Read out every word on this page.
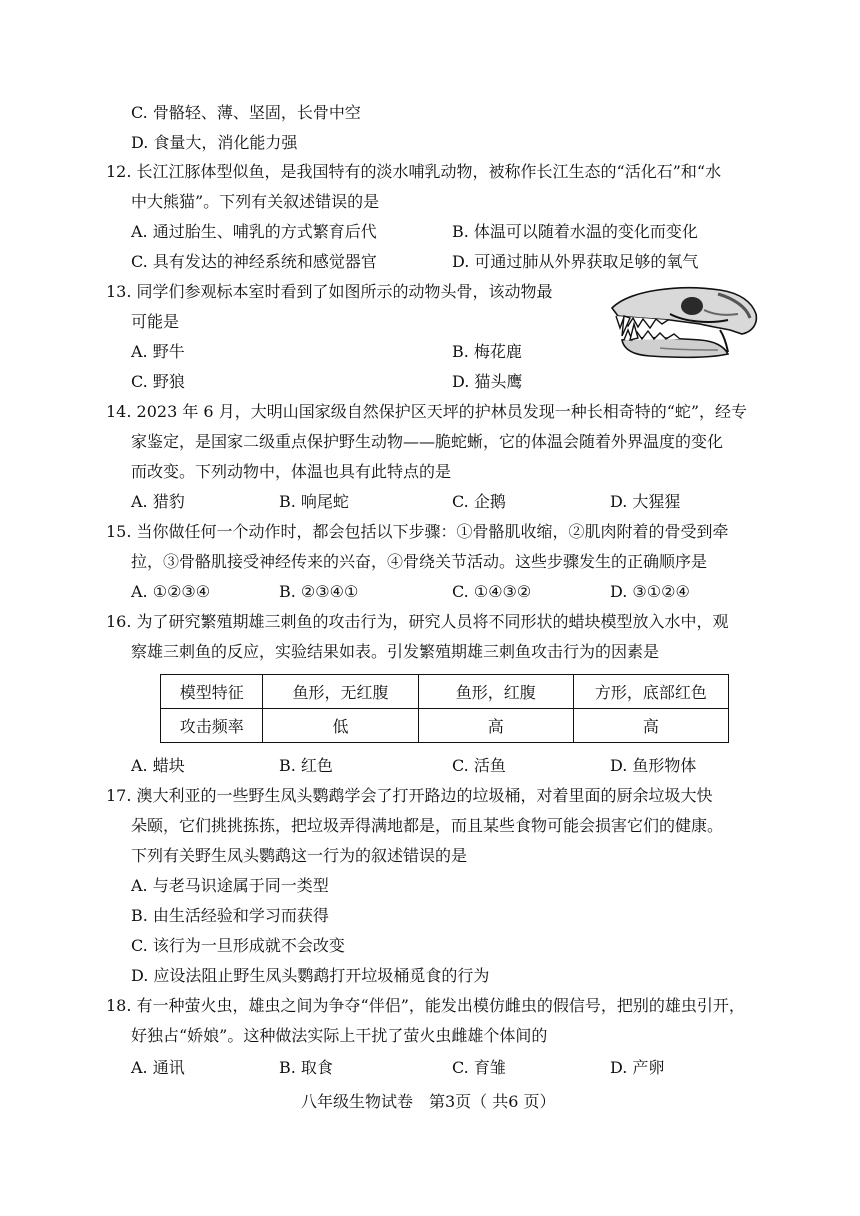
C. 骨骼轻、薄、坚固，长骨中空
D. 食量大，消化能力强
12. 长江江豚体型似鱼，是我国特有的淡水哺乳动物，被称作长江生态的“活化石”和“水
中大熊猫”。下列有关叙述错误的是
A. 通过胎生、哺乳的方式繁育后代	B. 体温可以随着水温的变化而变化
C. 具有发达的神经系统和感觉器官	D. 可通过肺从外界获取足够的氧气
13. 同学们参观标本室时看到了如图所示的动物头骨，该动物最
可能是
A. 野牛	B. 梅花鹿
C. 野狼	D. 猫头鹰
14. 2023 年 6 月，大明山国家级自然保护区天坪的护林员发现一种长相奇特的“蛇”，经专
家鉴定，是国家二级重点保护野生动物——脆蛇蜥，它的体温会随着外界温度的变化
而改变。下列动物中，体温也具有此特点的是
A. 猎豹	B. 响尾蛇	C. 企鹅	D. 大猩猩
15. 当你做任何一个动作时，都会包括以下步骤：①骨骼肌收缩，②肌肉附着的骨受到牵
拉，③骨骼肌接受神经传来的兴奋，④骨绕关节活动。这些步骤发生的正确顺序是
A. ①②③④	B. ②③④①	C. ①④③②	D. ③①②④
16. 为了研究繁殖期雄三刺鱼的攻击行为，研究人员将不同形状的蜡块模型放入水中，观
察雄三刺鱼的反应，实验结果如表。引发繁殖期雄三刺鱼攻击行为的因素是
模型特征	鱼形，无红腹	鱼形，红腹	方形，底部红色
攻击频率	低	高	高
A. 蜡块	B. 红色	C. 活鱼	D. 鱼形物体
17. 澳大利亚的一些野生凤头鹦鹉学会了打开路边的垃圾桶，对着里面的厨余垃圾大快
朵颐，它们挑挑拣拣，把垃圾弄得满地都是，而且某些食物可能会损害它们的健康。
下列有关野生凤头鹦鹉这一行为的叙述错误的是
A. 与老马识途属于同一类型
B. 由生活经验和学习而获得
C. 该行为一旦形成就不会改变
D. 应设法阻止野生凤头鹦鹉打开垃圾桶觅食的行为
18. 有一种萤火虫，雄虫之间为争夺“伴侣”，能发出模仿雌虫的假信号，把别的雄虫引开，
好独占“娇娘”。这种做法实际上干扰了萤火虫雌雄个体间的
A. 通讯	B. 取食	C. 育雏	D. 产卵
八年级生物试卷　第3页（ 共6 页）
